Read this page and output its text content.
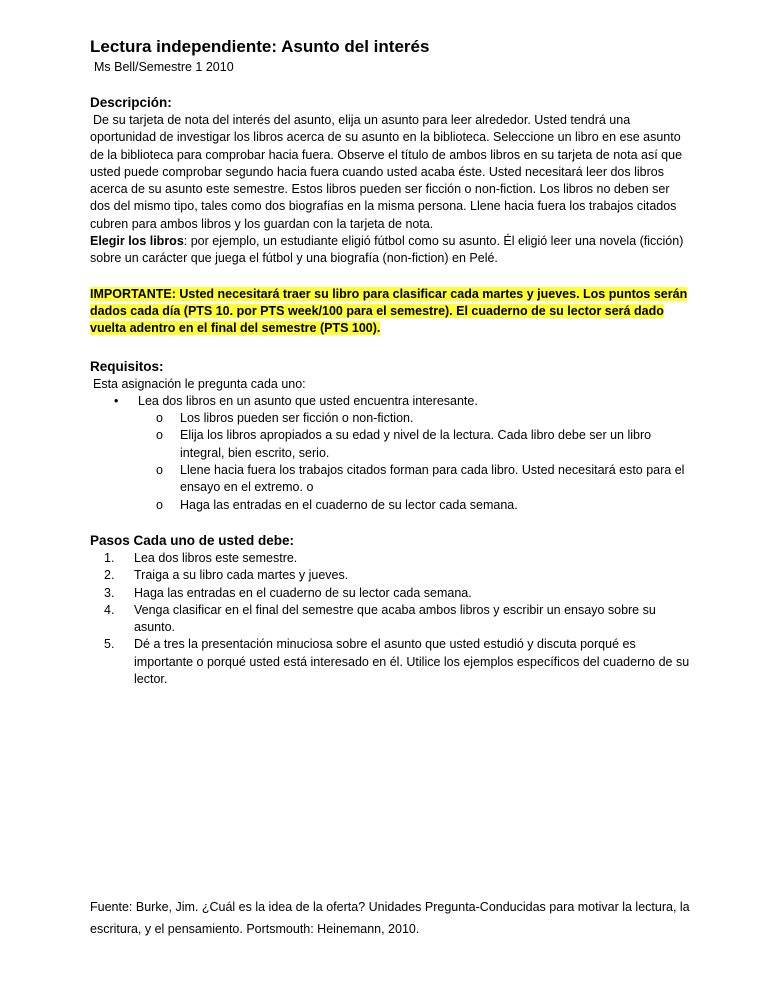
Lectura independiente: Asunto del interés

Ms Bell/Semestre 1 2010

Descripción:

De su tarjeta de nota del interés del asunto, elija un asunto para leer alrededor. Usted tendrá una oportunidad de investigar los libros acerca de su asunto en la biblioteca. Seleccione un libro en ese asunto de la biblioteca para comprobar hacia fuera. Observe el título de ambos libros en su tarjeta de nota así que usted puede comprobar segundo hacia fuera cuando usted acaba éste. Usted necesitará leer dos libros acerca de su asunto este semestre. Estos libros pueden ser ficción o non-fiction. Los libros no deben ser dos del mismo tipo, tales como dos biografías en la misma persona. Llene hacia fuera los trabajos citados cubren para ambos libros y los guardan con la tarjeta de nota.
Elegir los libros: por ejemplo, un estudiante eligió fútbol como su asunto. Él eligió leer una novela (ficción) sobre un carácter que juega el fútbol y una biografía (non-fiction) en Pelé.

IMPORTANTE: Usted necesitará traer su libro para clasificar cada martes y jueves. Los puntos serán dados cada día (PTS 10. por PTS week/100 para el semestre). El cuaderno de su lector será dado vuelta adentro en el final del semestre (PTS 100).

Requisitos:

Esta asignación le pregunta cada uno:

• Lea dos libros en un asunto que usted encuentra interesante.
o Los libros pueden ser ficción o non-fiction.
o Elija los libros apropiados a su edad y nivel de la lectura. Cada libro debe ser un libro integral, bien escrito, serio.
o Llene hacia fuera los trabajos citados forman para cada libro. Usted necesitará esto para el ensayo en el extremo. o
o Haga las entradas en el cuaderno de su lector cada semana.
Pasos Cada uno de usted debe:
1. Lea dos libros este semestre.
2. Traiga a su libro cada martes y jueves.
3. Haga las entradas en el cuaderno de su lector cada semana.
4. Venga clasificar en el final del semestre que acaba ambos libros y escribir un ensayo sobre su asunto.
5. Dé a tres la presentación minuciosa sobre el asunto que usted estudió y discuta porqué es importante o porqué usted está interesado en él. Utilice los ejemplos específicos del cuaderno de su lector.

Fuente: Burke, Jim. ¿Cuál es la idea de la oferta? Unidades Pregunta-Conducidas para motivar la lectura, la escritura, y el pensamiento. Portsmouth: Heinemann, 2010.
